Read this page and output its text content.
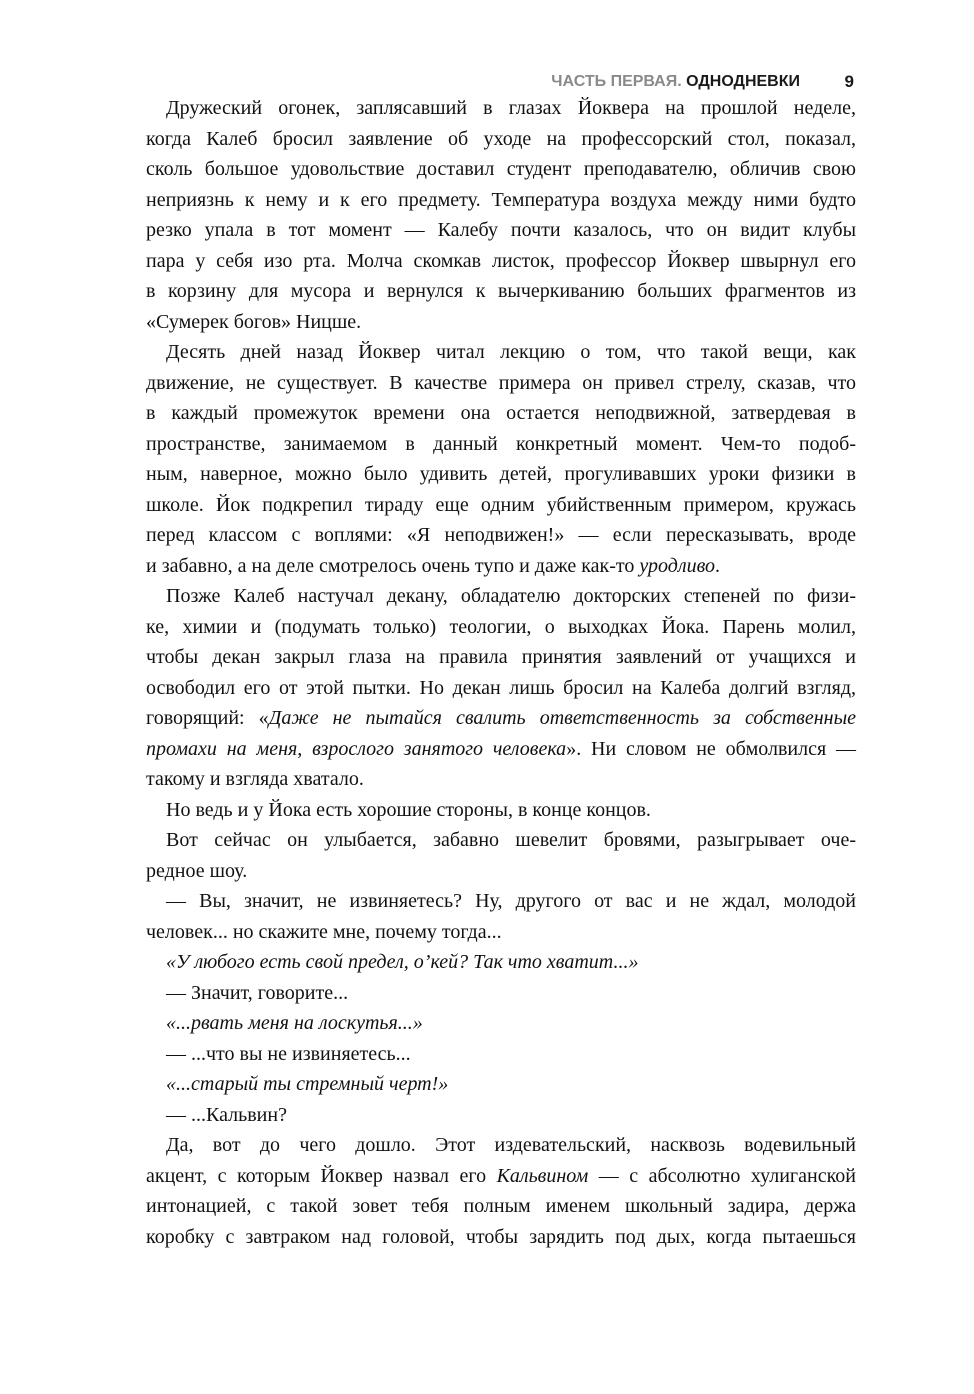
ЧАСТЬ ПЕРВАЯ. ОДНОДНЕВКИ	9
Дружеский огонек, заплясавший в глазах Йоквера на прошлой неделе,
когда Калеб бросил заявление об уходе на профессорский стол, показал,
сколь большое удовольствие доставил студент преподавателю, обличив свою
неприязнь к нему и к его предмету. Температура воздуха между ними будто
резко упала в тот момент — Калебу почти казалось, что он видит клубы
пара у себя изо рта. Молча скомкав листок, профессор Йоквер швырнул его
в корзину для мусора и вернулся к вычеркиванию больших фрагментов из
«Сумерек богов» Ницше.
Десять дней назад Йоквер читал лекцию о том, что такой вещи, как
движение, не существует. В качестве примера он привел стрелу, сказав, что
в каждый промежуток времени она остается неподвижной, затвердевая в
пространстве, занимаемом в данный конкретный момент. Чем-то подоб-
ным, наверное, можно было удивить детей, прогуливавших уроки физики в
школе. Йок подкрепил тираду еще одним убийственным примером, кружась
перед классом с воплями: «Я неподвижен!» — если пересказывать, вроде
и забавно, а на деле смотрелось очень тупо и даже как-то уродливо.
Позже Калеб настучал декану, обладателю докторских степеней по физи-
ке, химии и (подумать только) теологии, о выходках Йока. Парень молил,
чтобы декан закрыл глаза на правила принятия заявлений от учащихся и
освободил его от этой пытки. Но декан лишь бросил на Калеба долгий взгляд,
говорящий: «Даже не пытайся свалить ответственность за собственные
промахи на меня, взрослого занятого человека». Ни словом не обмолвился —
такому и взгляда хватало.
Но ведь и у Йока есть хорошие стороны, в конце концов.
Вот сейчас он улыбается, забавно шевелит бровями, разыгрывает оче-
редное шоу.
— Вы, значит, не извиняетесь? Ну, другого от вас и не ждал, молодой
человек... но скажите мне, почему тогда...
«У любого есть свой предел, о’кей? Так что хватит...»
— Значит, говорите...
«...рвать меня на лоскутья...»
— ...что вы не извиняетесь...
«...старый ты стремный черт!»
— ...Кальвин?
Да, вот до чего дошло. Этот издевательский, насквозь водевильный
акцент, с которым Йоквер назвал его Кальвином — с абсолютно хулиганской
интонацией, с такой зовет тебя полным именем школьный задира, держа
коробку с завтраком над головой, чтобы зарядить под дых, когда пытаешься
